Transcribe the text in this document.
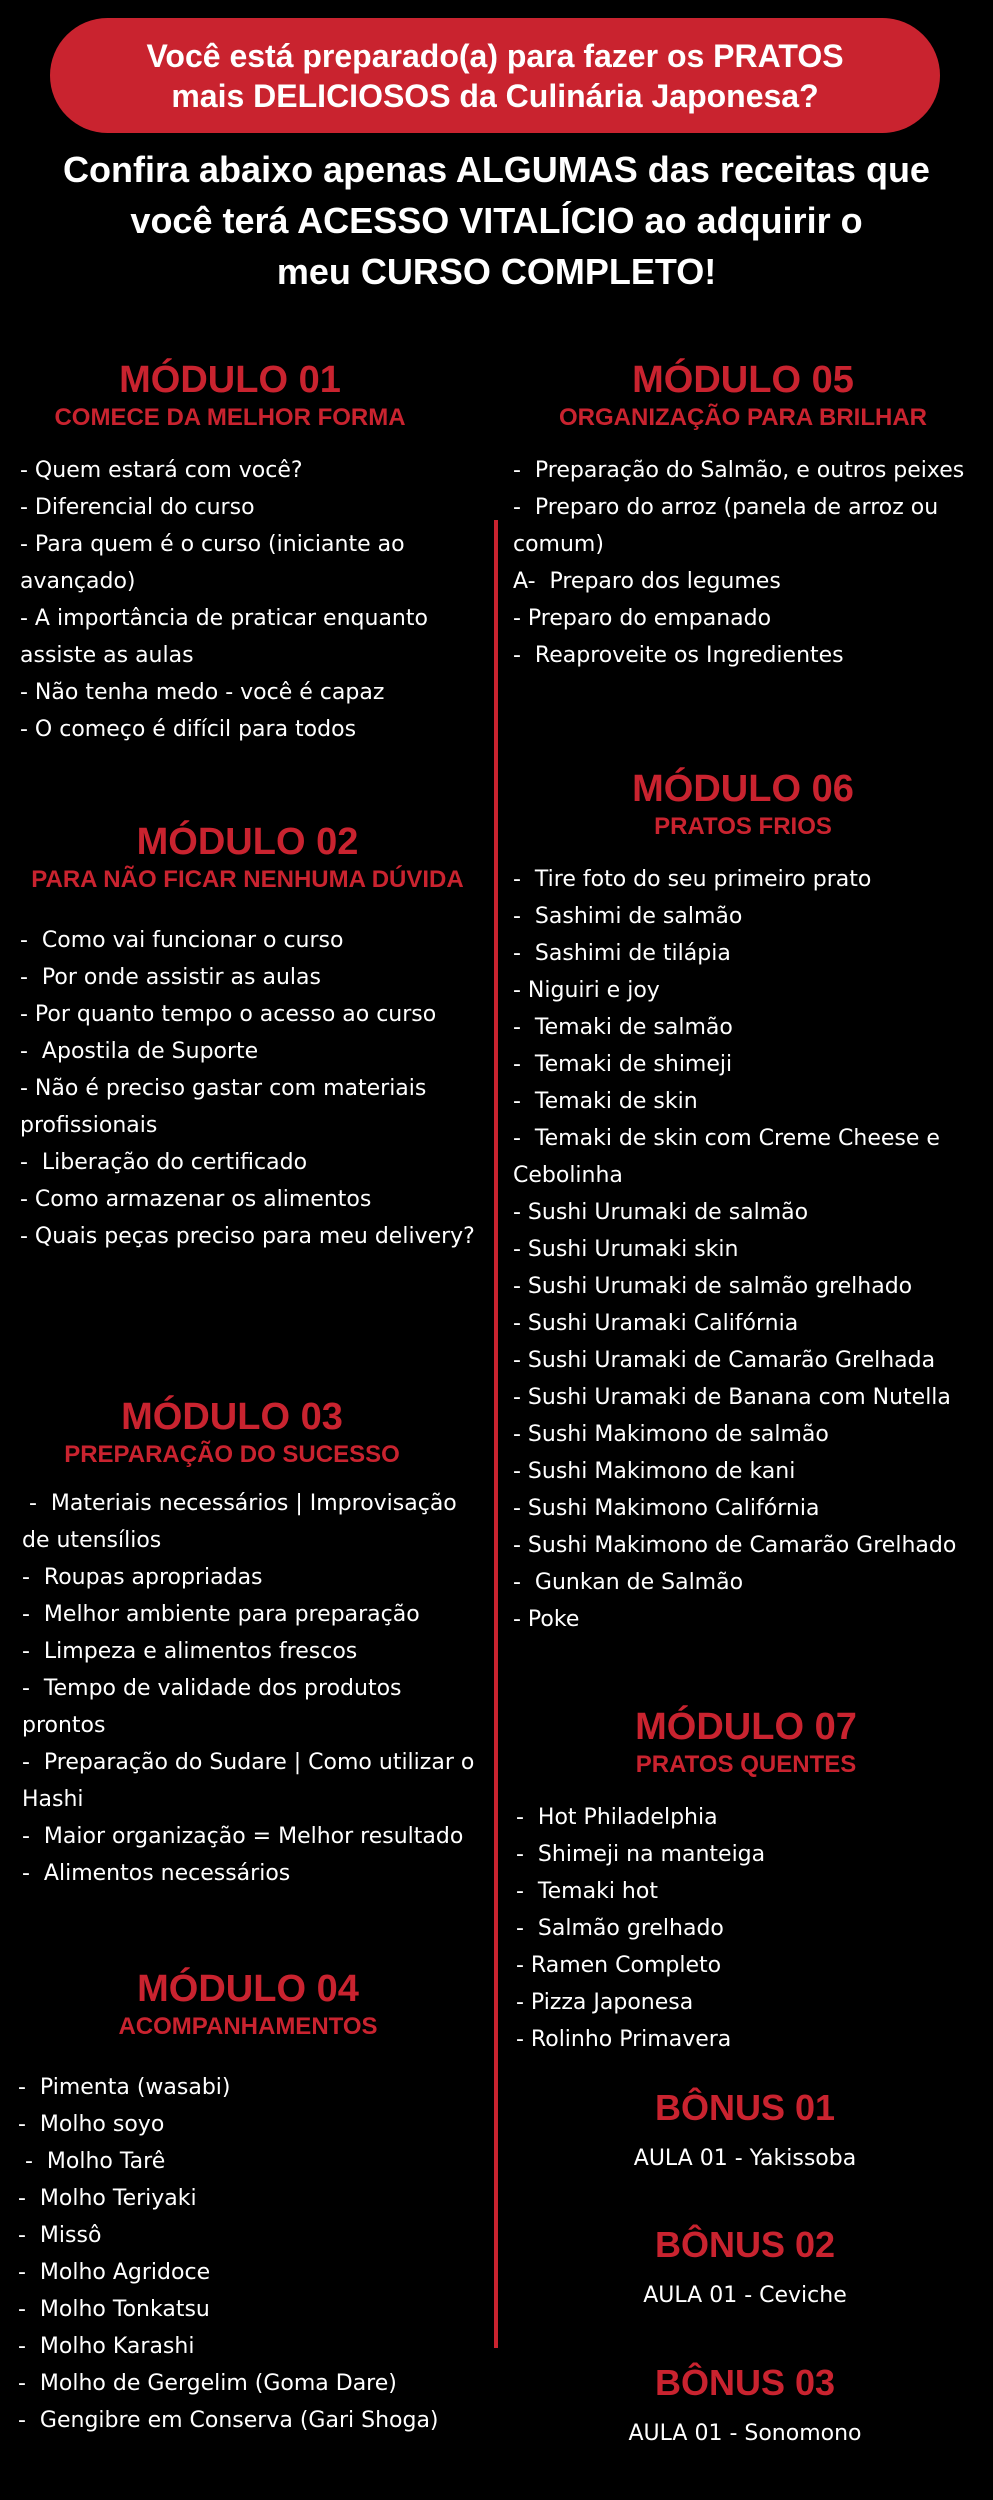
Você está preparado(a) para fazer os PRATOS
mais DELICIOSOS da Culinária Japonesa?
Confira abaixo apenas ALGUMAS das receitas que
você terá ACESSO VITALÍCIO ao adquirir o
meu CURSO COMPLETO!
MÓDULO 01
COMECE DA MELHOR FORMA
- Quem estará com você?
- Diferencial do curso
- Para quem é o curso (iniciante ao avançado)
- A importância de praticar enquanto assiste as aulas
- Não tenha medo - você é capaz
- O começo é difícil para todos
MÓDULO 02
PARA NÃO FICAR NENHUMA DÚVIDA
-  Como vai funcionar o curso
-  Por onde assistir as aulas
- Por quanto tempo o acesso ao curso
-  Apostila de Suporte
- Não é preciso gastar com materiais profissionais
-  Liberação do certificado
- Como armazenar os alimentos
- Quais peças preciso para meu delivery?
MÓDULO 03
PREPARAÇÃO DO SUCESSO
-  Materiais necessários | Improvisação de utensílios
-  Roupas apropriadas
-  Melhor ambiente para preparação
-  Limpeza e alimentos frescos
-  Tempo de validade dos produtos prontos
-  Preparação do Sudare | Como utilizar o Hashi
-  Maior organização = Melhor resultado
-  Alimentos necessários
MÓDULO 04
ACOMPANHAMENTOS
-  Pimenta (wasabi)
-  Molho soyo
-  Molho Tarê
-  Molho Teriyaki
-  Missô
-  Molho Agridoce
-  Molho Tonkatsu
-  Molho Karashi
-  Molho de Gergelim (Goma Dare)
-  Gengibre em Conserva (Gari Shoga)
MÓDULO 05
ORGANIZAÇÃO PARA BRILHAR
-  Preparação do Salmão, e outros peixes
-  Preparo do arroz (panela de arroz ou comum)
A-  Preparo dos legumes
- Preparo do empanado
-  Reaproveite os Ingredientes
MÓDULO 06
PRATOS FRIOS
-  Tire foto do seu primeiro prato
-  Sashimi de salmão
-  Sashimi de tilápia
- Niguiri e joy
-  Temaki de salmão
-  Temaki de shimeji
-  Temaki de skin
-  Temaki de skin com Creme Cheese e Cebolinha
- Sushi Urumaki de salmão
- Sushi Urumaki skin
- Sushi Urumaki de salmão grelhado
- Sushi Uramaki Califórnia
- Sushi Uramaki de Camarão Grelhada
- Sushi Uramaki de Banana com Nutella
- Sushi Makimono de salmão
- Sushi Makimono de kani
- Sushi Makimono Califórnia
- Sushi Makimono de Camarão Grelhado
-  Gunkan de Salmão
- Poke
MÓDULO 07
PRATOS QUENTES
-  Hot Philadelphia
-  Shimeji na manteiga
-  Temaki hot
-  Salmão grelhado
- Ramen Completo
- Pizza Japonesa
- Rolinho Primavera
BÔNUS 01
AULA 01 - Yakissoba
BÔNUS 02
AULA 01 - Ceviche
BÔNUS 03
AULA 01 - Sonomono
